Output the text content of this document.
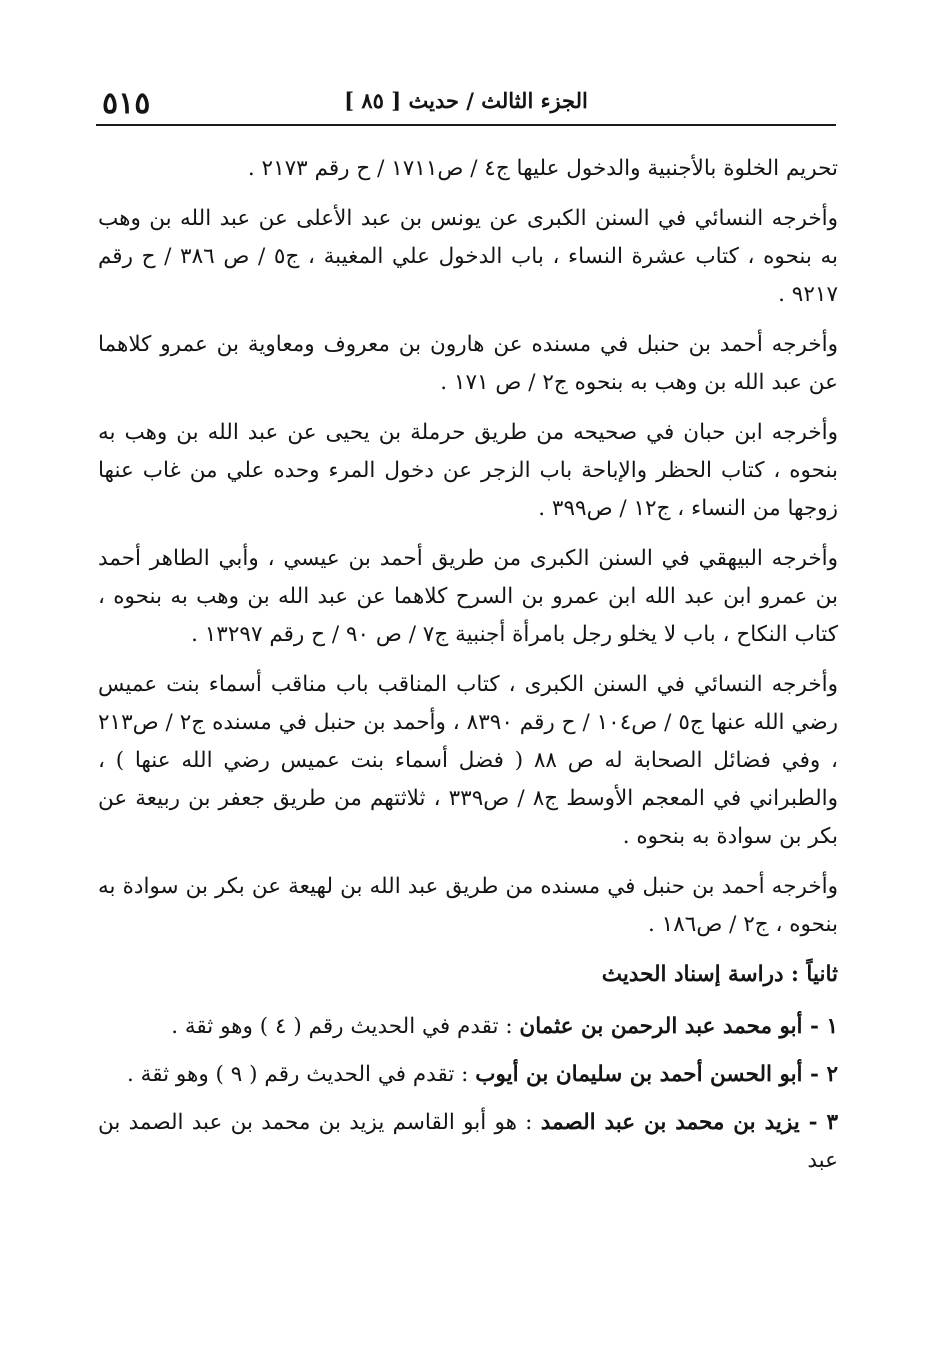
٥١٥	الجزء الثالث / حديث [ ٨٥ ]

تحريم الخلوة بالأجنبية والدخول عليها ج٤ / ص١٧١١ / ح رقم ٢١٧٣ .

وأخرجه النسائي في السنن الكبرى عن يونس بن عبد الأعلى عن عبد الله بن وهب به بنحوه ، كتاب عشرة النساء ، باب الدخول علي المغيبة ، ج٥ / ص ٣٨٦ / ح رقم ٩٢١٧ .

وأخرجه أحمد بن حنبل في مسنده عن هارون بن معروف ومعاوية بن عمرو كلاهما عن عبد الله بن وهب به بنحوه ج٢ / ص ١٧١ .

وأخرجه ابن حبان في صحيحه من طريق حرملة بن يحيى عن عبد الله بن وهب به بنحوه ، كتاب الحظر والإباحة باب الزجر عن دخول المرء وحده علي من غاب عنها زوجها من النساء ، ج١٢ / ص٣٩٩ .

وأخرجه البيهقي في السنن الكبرى من طريق أحمد بن عيسي ، وأبي الطاهر أحمد بن عمرو ابن عبد الله ابن عمرو بن السرح كلاهما عن عبد الله بن وهب به بنحوه ، كتاب النكاح ، باب لا يخلو رجل بامرأة أجنبية ج٧ / ص ٩٠ / ح رقم ١٣٢٩٧ .

وأخرجه النسائي في السنن الكبرى ، كتاب المناقب باب مناقب أسماء بنت عميس رضي الله عنها ج٥ / ص١٠٤ / ح رقم ٨٣٩٠ ، وأحمد بن حنبل في مسنده ج٢ / ص٢١٣ ، وفي فضائل الصحابة له ص ٨٨ ( فضل أسماء بنت عميس رضي الله عنها ) ، والطبراني في المعجم الأوسط ج٨ / ص٣٣٩ ، ثلاثتهم من طريق جعفر بن ربيعة عن بكر بن سوادة به بنحوه .

وأخرجه أحمد بن حنبل في مسنده من طريق عبد الله بن لهيعة عن بكر بن سوادة به بنحوه ، ج٢ / ص١٨٦ .

ثانياً : دراسة إسناد الحديث

١ - أبو محمد عبد الرحمن بن عثمان : تقدم في الحديث رقم ( ٤ ) وهو ثقة .

٢ - أبو الحسن أحمد بن سليمان بن أيوب : تقدم في الحديث رقم ( ٩ ) وهو ثقة .

٣ - يزيد بن محمد بن عبد الصمد : هو أبو القاسم يزيد بن محمد بن عبد الصمد بن عبد
